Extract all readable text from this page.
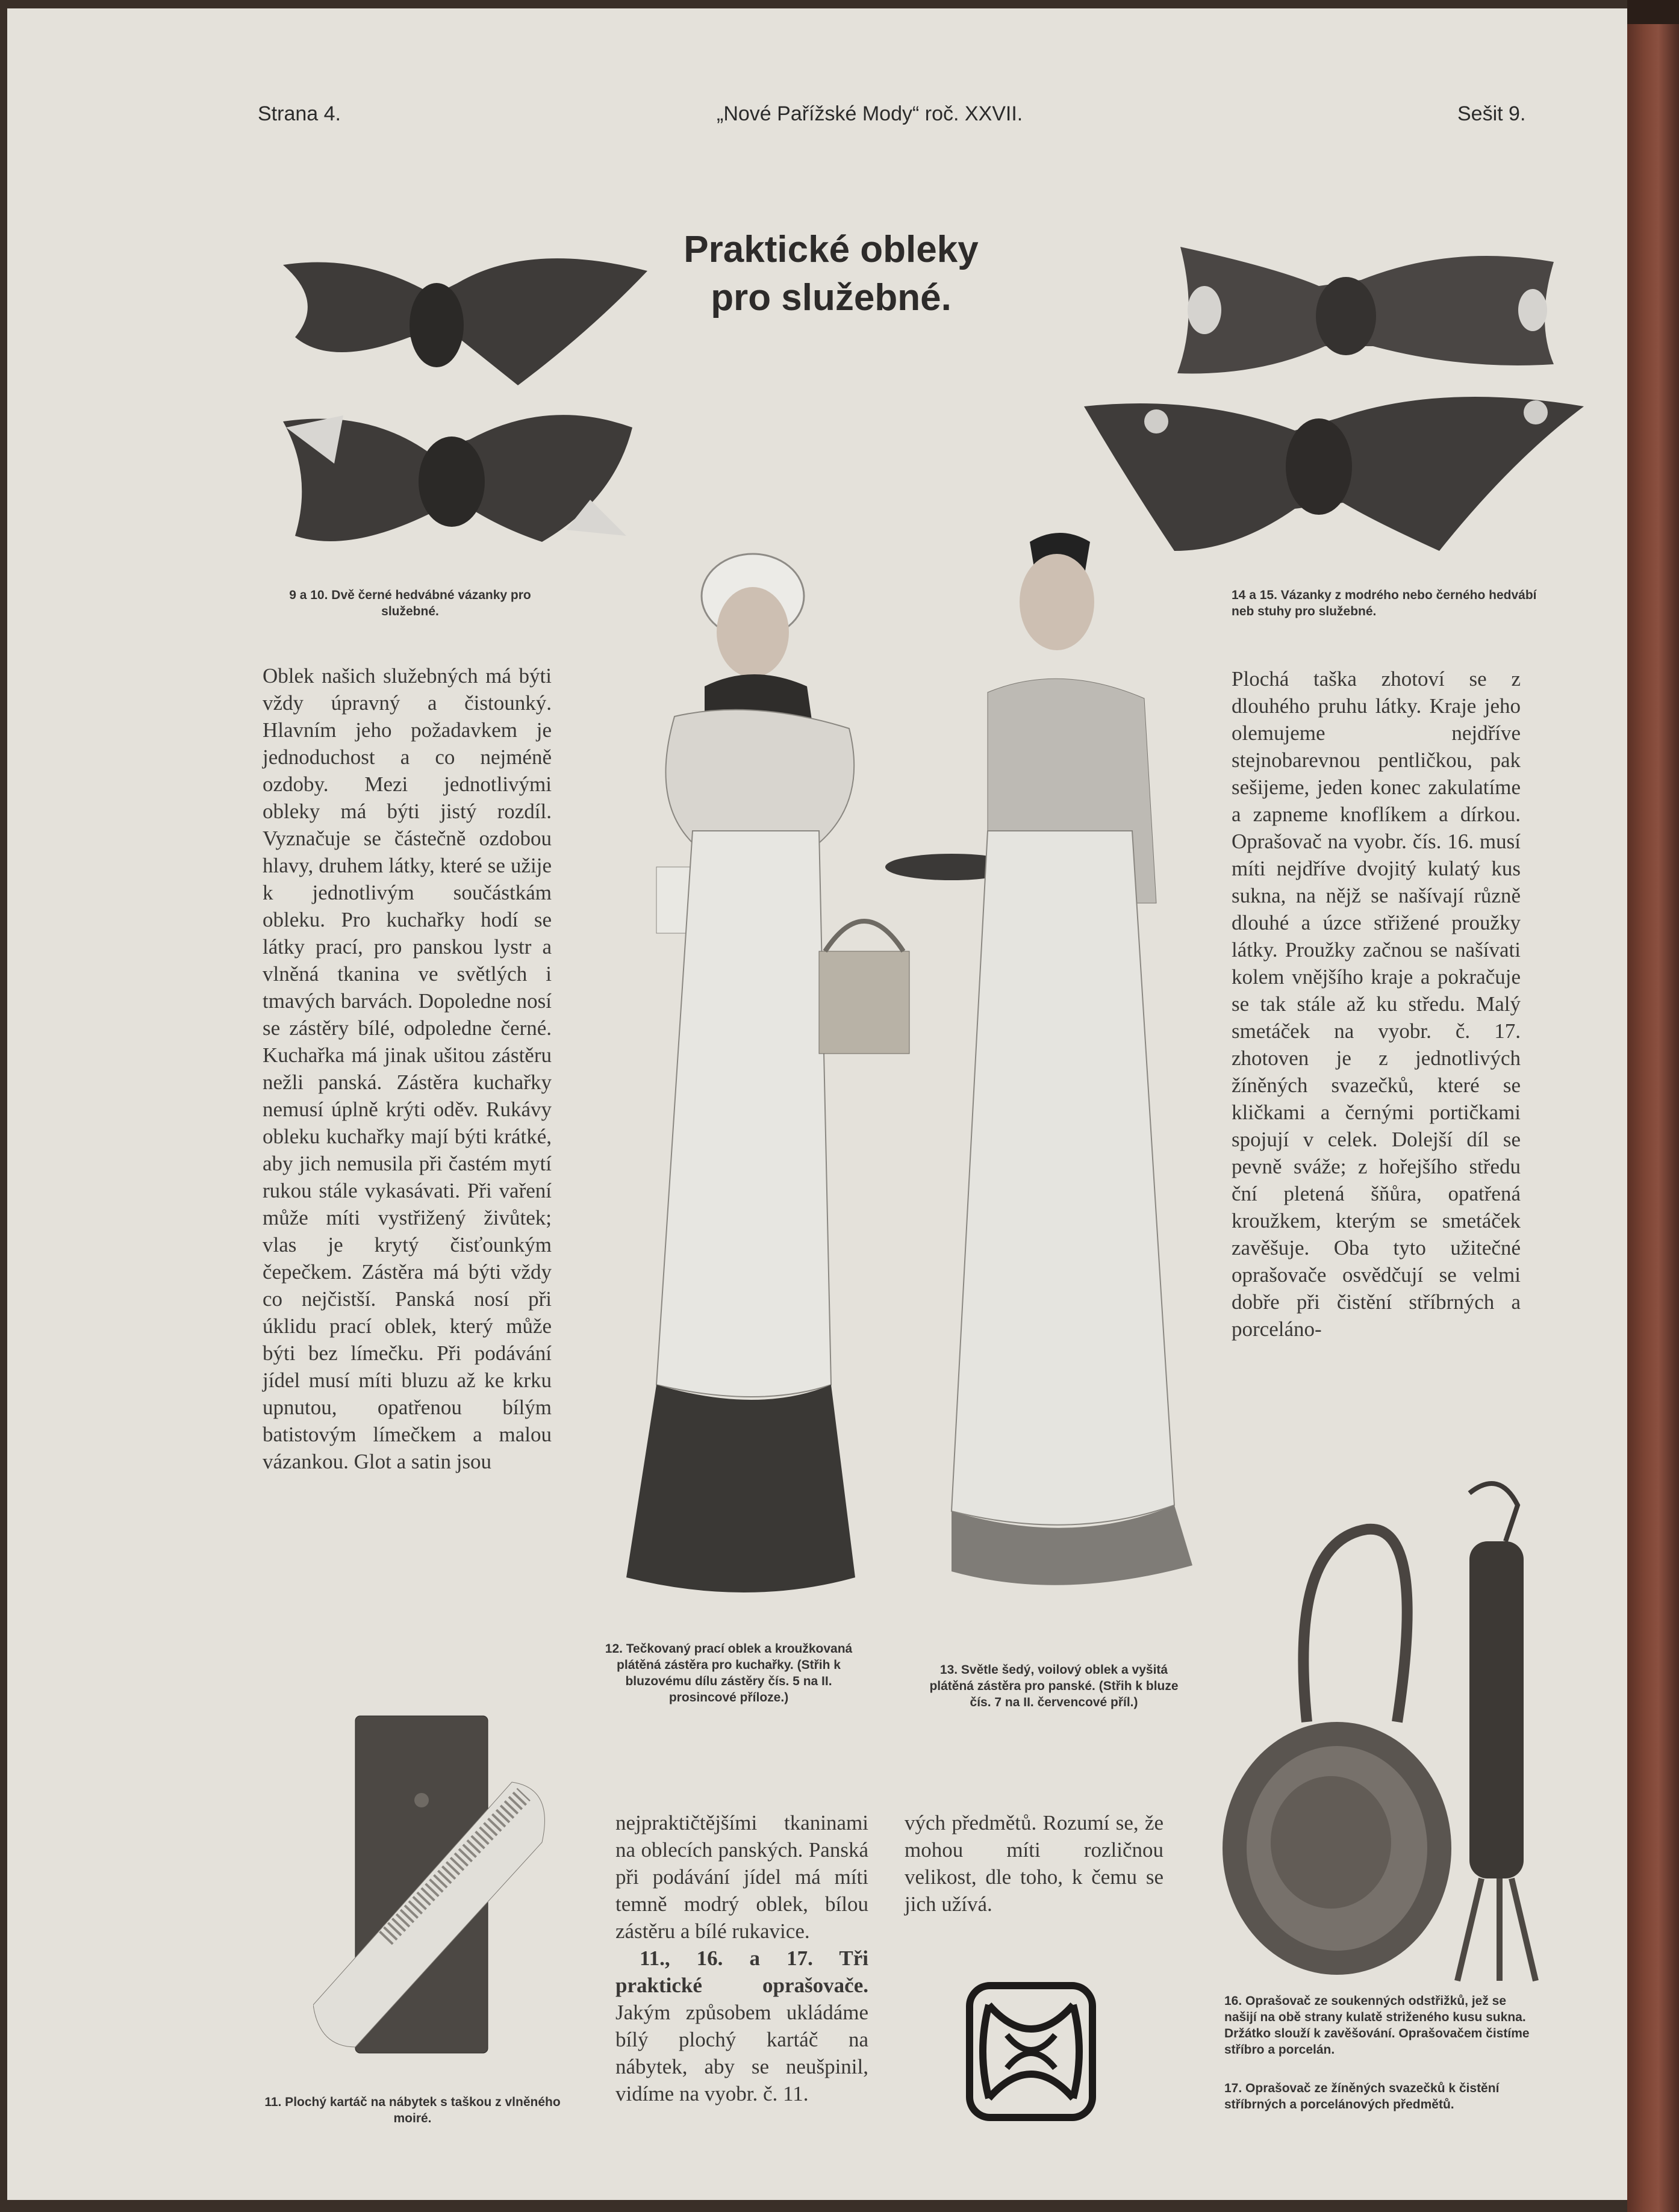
Strana 4.	„Nové Pařížské Mody“ roč. XXVII.	Sešit 9.
Praktické obleky
pro služebné.
9 a 10. Dvě černé hedvábné vázanky pro služebné.
14 a 15. Vázanky z modrého nebo černého hedvábí neb stuhy pro služebné.
Oblek našich služebných má býti vždy úpravný a čistounký. Hlavním jeho požadavkem je jednoduchost a co nejméně ozdoby. Mezi jednotlivými obleky má býti jistý rozdíl. Vyznačuje se částečně ozdobou hlavy, druhem látky, které se užije k jednotlivým součástkám obleku. Pro kuchařky hodí se látky prací, pro panskou lystr a vlněná tkanina ve světlých i tmavých barvách. Dopoledne nosí se zástěry bílé, odpoledne černé. Kuchařka má jinak ušitou zástěru nežli panská. Zástěra kuchařky nemusí úplně krýti oděv. Rukávy obleku kuchařky mají býti krátké, aby jich nemusila při častém mytí rukou stále vykasávati. Při vaření může míti vystřižený živůtek; vlas je krytý čisťounkým čepečkem. Zástěra má býti vždy co nejčistší. Panská nosí při úklidu prací oblek, který může býti bez límečku. Při podávání jídel musí míti bluzu až ke krku upnutou, opatřenou bílým batistovým límečkem a malou vázankou. Glot a satin jsou
12. Tečkovaný prací oblek a kroužkovaná plátěná zástěra pro kuchařky. (Střih k bluzovému dílu zástěry čís. 5 na II. prosincové příloze.)
13. Světle šedý, voilový oblek a vyšitá plátěná zástěra pro panské. (Střih k bluze čís. 7 na II. červencové příl.)
Plochá taška zhotoví se z dlouhého pruhu látky. Kraje jeho olemujeme nejdříve stejnobarevnou pentličkou, pak sešijeme, jeden konec zakulatíme a zapneme knoflíkem a dírkou. Oprašovač na vyobr. čís. 16. musí míti nejdříve dvojitý kulatý kus sukna, na nějž se našívají různě dlouhé a úzce střižené proužky látky. Proužky začnou se našívati kolem vnějšího kraje a pokračuje se tak stále až ku středu. Malý smetáček na vyobr. č. 17. zhotoven je z jednotlivých žíněných svazečků, které se kličkami a černými portičkami spojují v celek. Dolejší díl se pevně sváže; z hořejšího středu ční pletená šňůra, opatřená kroužkem, kterým se smetáček zavěšuje. Oba tyto užitečné oprašovače osvědčují se velmi dobře při čistění stříbrných a porceláno-
nejpraktičtějšími tkaninami na oblecích panských. Panská při podávání jídel má míti temně modrý oblek, bílou zástěru a bílé rukavice.
11., 16. a 17. Tři praktické oprašovače. Jakým způsobem ukládáme bílý plochý kartáč na nábytek, aby se neušpinil, vidíme na vyobr. č. 11.
vých předmětů. Rozumí se, že mohou míti rozličnou velikost, dle toho, k čemu se jich užívá.
11. Plochý kartáč na nábytek s taškou z vlněného moiré.
16. Oprašovač ze soukenných odstřižků, jež se našijí na obě strany kulatě striženého kusu sukna. Držátko slouží k zavěšování. Oprašovačem čistíme stříbro a porcelán.
17. Oprašovač ze žíněných svazečků k čistění stříbrných a porcelánových předmětů.
